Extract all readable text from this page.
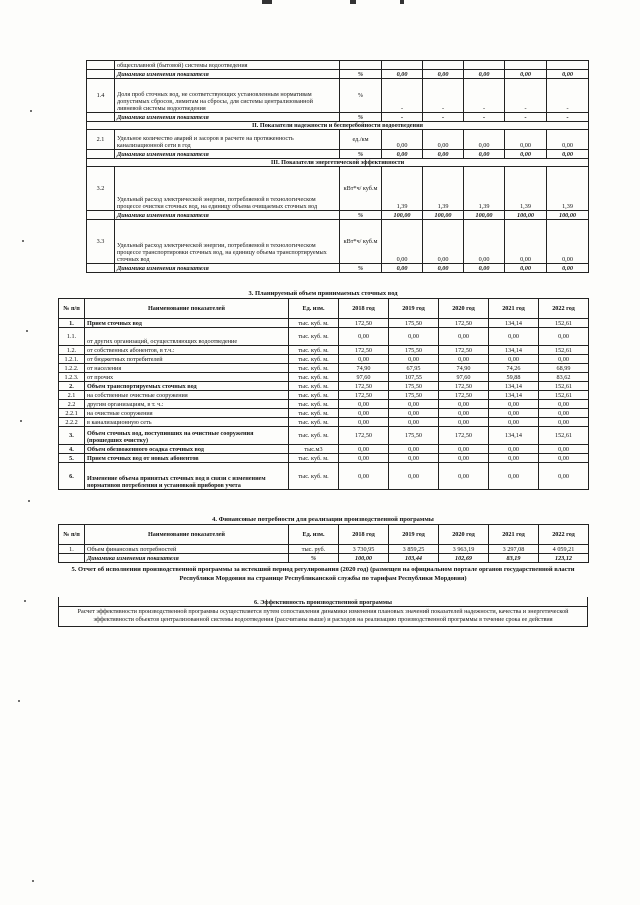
	общесплавной (бытовой) системы водоотведения						
	Динамика изменения показателя	%	0,00	0,00	0,00	0,00	0,00
1.4	Доля проб сточных вод, не соответствующих установленным нормативам допустимых сбросов, лимитам на сбросы, для системы централизованной ливневой системы водоотведения	%	-	-	-	-	-
	Динамика изменения показателя	%	-	-	-	-	-
II. Показатели надежности и бесперебойности водоотведения							
2.1	Удельное количество аварий и засоров в расчете на протяженность канализационной сети в год	ед./км	0,00	0,00	0,00	0,00	0,00
	Динамика изменения показателя	%	0,00	0,00	0,00	0,00	0,00
III. Показатели энергетической эффективности							
3.2	Удельный расход электрической энергии, потребляемой в технологическом процессе очистки сточных вод, на единицу объема очищаемых сточных вод	кВт*ч/ куб.м	1,39	1,39	1,39	1,39	1,39
	Динамика изменения показателя	%	100,00	100,00	100,00	100,00	100,00
3.3	Удельный расход электрической энергии, потребляемой в технологическом процессе транспортировки сточных вод, на единицу объема транспортируемых сточных вод	кВт*ч/ куб.м	0,00	0,00	0,00	0,00	0,00
	Динамика изменения показателя	%	0,00	0,00	0,00	0,00	0,00
3. Планируемый объем принимаемых сточных вод
№ п/п	Наименование показателей	Ед. изм.	2018 год	2019 год	2020 год	2021 год	2022 год
1.	Прием сточных вод	тыс. куб. м.	172,50	175,50	172,50	134,14	152,61
1.1.	от других организаций, осуществляющих водоотведение	тыс. куб. м.	0,00	0,00	0,00	0,00	0,00
1.2.	от собственных абонентов, в т.ч.:	тыс. куб. м.	172,50	175,50	172,50	134,14	152,61
1.2.1.	от бюджетных потребителей	тыс. куб. м.	0,00	0,00	0,00	0,00	0,00
1.2.2.	от населения	тыс. куб. м.	74,90	67,95	74,90	74,26	68,99
1.2.3.	от прочих	тыс. куб. м.	97,60	107,55	97,60	59,88	83,62
2.	Объем транспортируемых сточных вод	тыс. куб. м.	172,50	175,50	172,50	134,14	152,61
2.1	на собственные очистные сооружения	тыс. куб. м.	172,50	175,50	172,50	134,14	152,61
2.2	другим организациям, в т. ч.:	тыс. куб. м.	0,00	0,00	0,00	0,00	0,00
2.2.1	на очистные сооружения	тыс. куб. м.	0,00	0,00	0,00	0,00	0,00
2.2.2	в канализационную сеть	тыс. куб. м.	0,00	0,00	0,00	0,00	0,00
3.	Объем сточных вод, поступивших на очистные сооружения (прошедших очистку)	тыс. куб. м.	172,50	175,50	172,50	134,14	152,61
4.	Объем обезвоженного осадка сточных вод	тыс.м3	0,00	0,00	0,00	0,00	0,00
5.	Прием сточных вод от новых абонентов	тыс. куб. м.	0,00	0,00	0,00	0,00	0,00
6.	Изменение объема принятых сточных вод в связи с изменением нормативов потребления и установкой приборов учета	тыс. куб. м.	0,00	0,00	0,00	0,00	0,00
4. Финансовые потребности для реализации производственной программы
№ п/п	Наименование показателей	Ед. изм.	2018 год	2019 год	2020 год	2021 год	2022 год
1.	Объем финансовых потребностей	тыс. руб.	3 730,95	3 859,25	3 963,19	3 297,08	4 059,21
	Динамика изменения показателя	%	100,00	103,44	102,69	83,19	123,12
5. Отчет об исполнении производственной программы за истекший период регулирования (2020 год) (размещен на официальном портале органов государственной власти Республики Мордовия на странице Республиканской службы по тарифам Республики Мордовия)
6. Эффективность производственной программы
Расчет эффективности производственной программы осуществляется путем сопоставления динамики изменения плановых значений показателей надежности, качества и энергетической эффективности объектов централизованной системы водоотведения (рассчитаны выше) и расходов на реализацию производственной программы в течение срока ее действия
